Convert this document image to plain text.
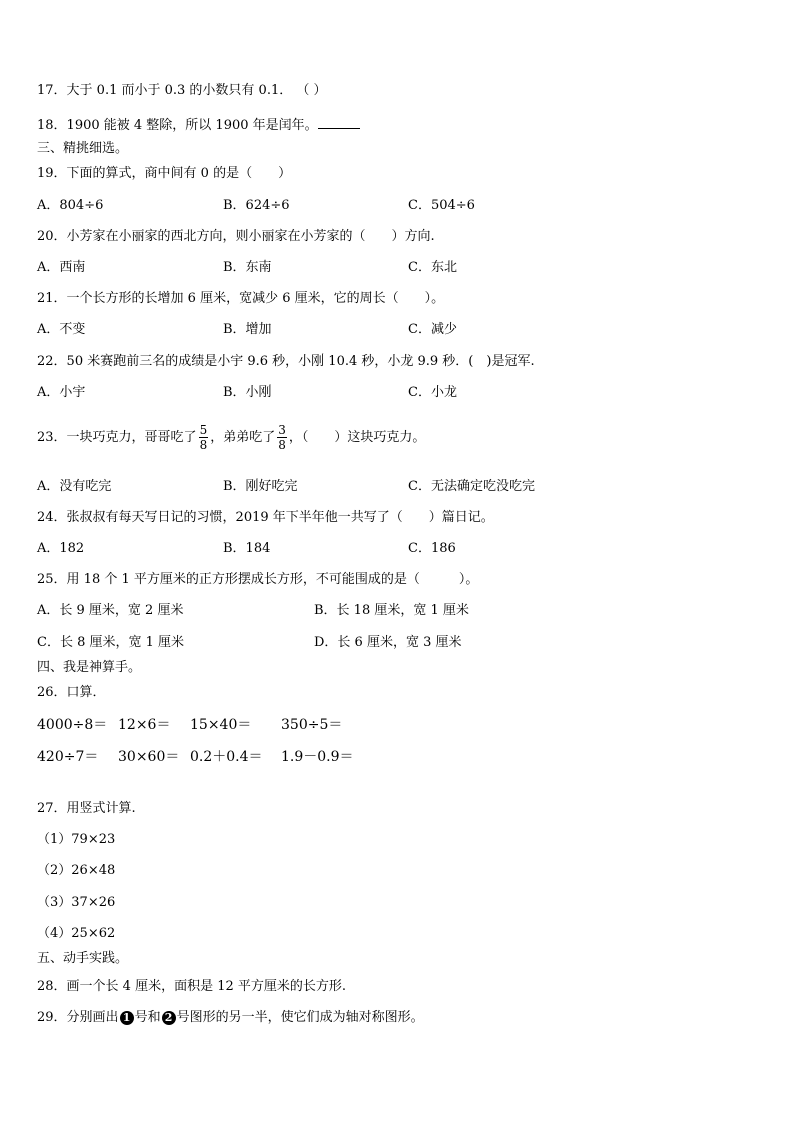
17．大于 0.1 而小于 0.3 的小数只有 0.1． （ ）
18．1900 能被 4 整除，所以 1900 年是闰年。
三、精挑细选。
19．下面的算式，商中间有 0 的是（　　）
A．804÷6	B．624÷6	C．504÷6
20．小芳家在小丽家的西北方向，则小丽家在小芳家的（　　）方向.
A．西南	B．东南	C．东北
21．一个长方形的长增加 6 厘米，宽减少 6 厘米，它的周长（　　）。
A．不变	B．增加	C．减少
22．50 米赛跑前三名的成绩是小宇 9.6 秒，小刚 10.4 秒，小龙 9.9 秒．(　)是冠军.
A．小宇	B．小刚	C．小龙
23．一块巧克力，哥哥吃了 $\frac{5}{8}$ ，弟弟吃了 $\frac{3}{8}$ ，（　　）这块巧克力。
A．没有吃完	B．刚好吃完	C．无法确定吃没吃完
24．张叔叔有每天写日记的习惯，2019 年下半年他一共写了（　　）篇日记。
A．182	B．184	C．186
25．用 18 个 1 平方厘米的正方形摆成长方形，不可能围成的是（　　　）。
A．长 9 厘米，宽 2 厘米	B．长 18 厘米，宽 1 厘米
C．长 8 厘米，宽 1 厘米	D．长 6 厘米，宽 3 厘米
四、我是神算手。
26．口算．
4000÷8＝ 12×6＝ 15×40＝ 350÷5＝
420÷7＝ 30×60＝ 0.2＋0.4＝ 1.9－0.9＝
27．用竖式计算.
（1）79×23
（2）26×48
（3）37×26
（4）25×62
五、动手实践。
28．画一个长 4 厘米，面积是 12 平方厘米的长方形.
29．分别画出 1 号和 2 号图形的另一半，使它们成为轴对称图形。
